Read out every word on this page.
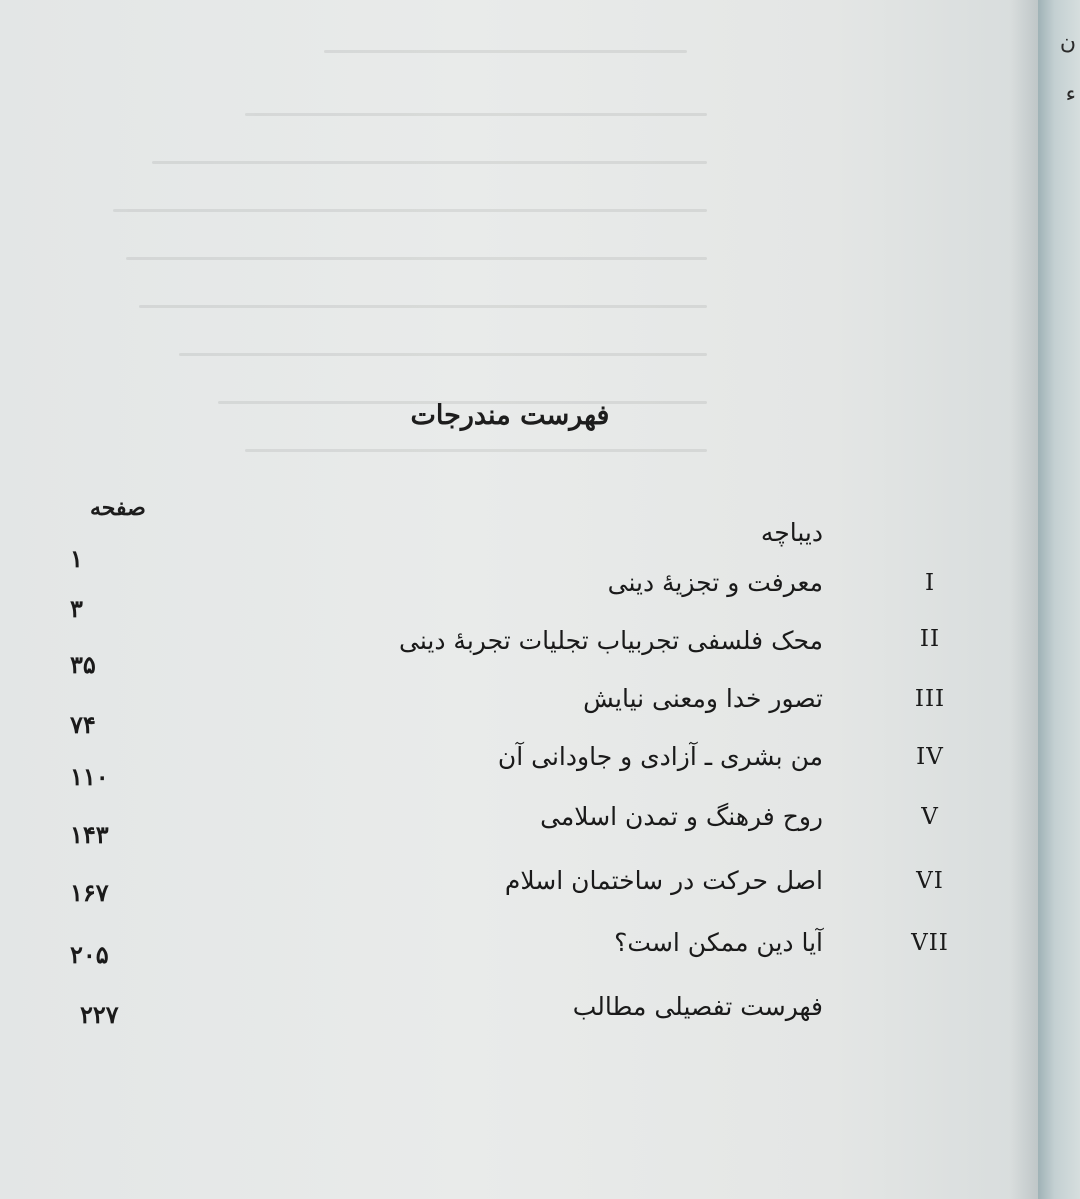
فهرست مندرجات
صفحه
دیباچه
۱
I
معرفت و تجزیهٔ دینی
۳
II
محک فلسفی تجربیاب تجلیات تجربهٔ دینی
۳۵
III
تصور خدا ومعنی نیایش
۷۴
IV
من بشری ـ آزادی و جاودانی آن
۱۱۰
V
روح فرهنگ و تمدن اسلامی
۱۴۳
VI
اصل حرکت در ساختمان اسلام
۱۶۷
VII
آیا دین ممکن است؟
۲۰۵
فهرست تفصیلی مطالب
۲۲۷
ن
ء
